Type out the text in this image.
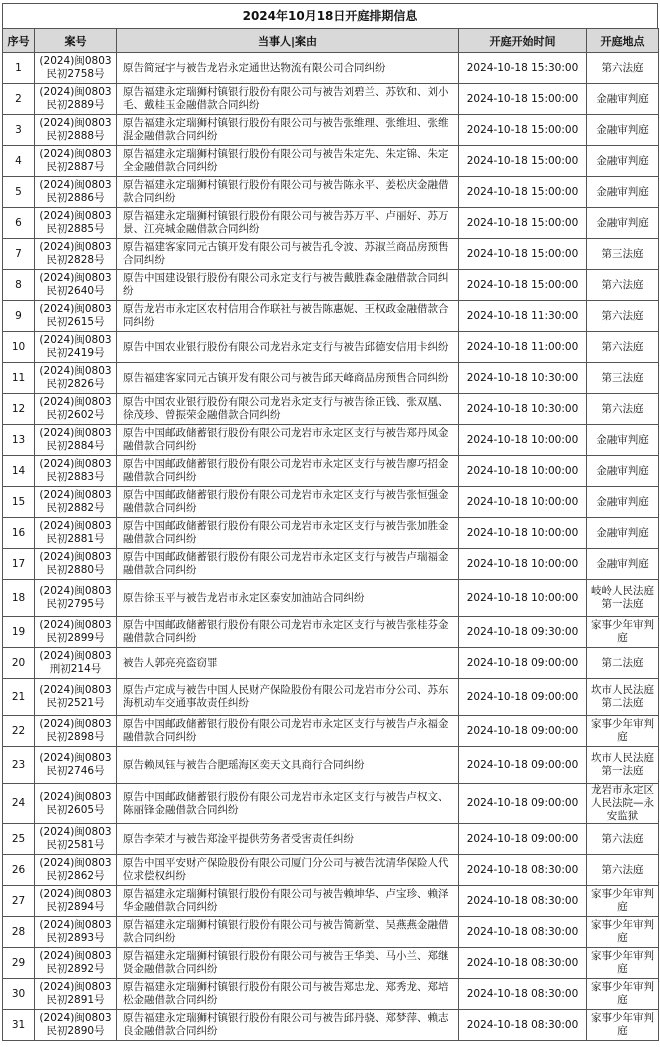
2024年10月18日开庭排期信息
序号	案号	当事人|案由	开庭开始时间	开庭地点
1	(2024)闽0803民初2758号	原告简冠宇与被告龙岩永定通世达物流有限公司合同纠纷	2024-10-18 15:30:00	第六法庭
2	(2024)闽0803民初2889号	原告福建永定瑞狮村镇银行股份有限公司与被告刘碧兰、苏钦和、刘小毛、戴桂玉金融借款合同纠纷	2024-10-18 15:00:00	金融审判庭
3	(2024)闽0803民初2888号	原告福建永定瑞狮村镇银行股份有限公司与被告张维理、张维坦、张维混金融借款合同纠纷	2024-10-18 15:00:00	金融审判庭
4	(2024)闽0803民初2887号	原告福建永定瑞狮村镇银行股份有限公司与被告朱定先、朱定锦、朱定全金融借款合同纠纷	2024-10-18 15:00:00	金融审判庭
5	(2024)闽0803民初2886号	原告福建永定瑞狮村镇银行股份有限公司与被告陈永平、姜松庆金融借款合同纠纷	2024-10-18 15:00:00	金融审判庭
6	(2024)闽0803民初2885号	原告福建永定瑞狮村镇银行股份有限公司与被告苏万平、卢丽好、苏万景、江亮城金融借款合同纠纷	2024-10-18 15:00:00	金融审判庭
7	(2024)闽0803民初2828号	原告福建客家同元古镇开发有限公司与被告孔令波、苏淑兰商品房预售合同纠纷	2024-10-18 15:00:00	第三法庭
8	(2024)闽0803民初2640号	原告中国建设银行股份有限公司永定支行与被告戴胜森金融借款合同纠纷	2024-10-18 15:00:00	第六法庭
9	(2024)闽0803民初2615号	原告龙岩市永定区农村信用合作联社与被告陈惠妮、王权政金融借款合同纠纷	2024-10-18 11:30:00	第六法庭
10	(2024)闽0803民初2419号	原告中国农业银行股份有限公司龙岩永定支行与被告邱德安信用卡纠纷	2024-10-18 11:00:00	第六法庭
11	(2024)闽0803民初2826号	原告福建客家同元古镇开发有限公司与被告邱天峰商品房预售合同纠纷	2024-10-18 10:30:00	第三法庭
12	(2024)闽0803民初2602号	原告中国农业银行股份有限公司龙岩永定支行与被告徐正钱、张双凰、徐茂珍、曾振荣金融借款合同纠纷	2024-10-18 10:30:00	第六法庭
13	(2024)闽0803民初2884号	原告中国邮政储蓄银行股份有限公司龙岩市永定区支行与被告郑丹凤金融借款合同纠纷	2024-10-18 10:00:00	金融审判庭
14	(2024)闽0803民初2883号	原告中国邮政储蓄银行股份有限公司龙岩市永定区支行与被告廖巧招金融借款合同纠纷	2024-10-18 10:00:00	金融审判庭
15	(2024)闽0803民初2882号	原告中国邮政储蓄银行股份有限公司龙岩市永定区支行与被告张恒强金融借款合同纠纷	2024-10-18 10:00:00	金融审判庭
16	(2024)闽0803民初2881号	原告中国邮政储蓄银行股份有限公司龙岩市永定区支行与被告张加胜金融借款合同纠纷	2024-10-18 10:00:00	金融审判庭
17	(2024)闽0803民初2880号	原告中国邮政储蓄银行股份有限公司龙岩市永定区支行与被告卢瑞福金融借款合同纠纷	2024-10-18 10:00:00	金融审判庭
18	(2024)闽0803民初2795号	原告徐玉平与被告龙岩市永定区泰安加油站合同纠纷	2024-10-18 10:00:00	岐岭人民法庭第一法庭
19	(2024)闽0803民初2899号	原告中国邮政储蓄银行股份有限公司龙岩市永定区支行与被告张桂芬金融借款合同纠纷	2024-10-18 09:30:00	家事少年审判庭
20	(2024)闽0803刑初214号	被告人郭亮亮盗窃罪	2024-10-18 09:00:00	第二法庭
21	(2024)闽0803民初2521号	原告卢定成与被告中国人民财产保险股份有限公司龙岩市分公司、苏东海机动车交通事故责任纠纷	2024-10-18 09:00:00	坎市人民法庭第二法庭
22	(2024)闽0803民初2898号	原告中国邮政储蓄银行股份有限公司龙岩市永定区支行与被告卢永福金融借款合同纠纷	2024-10-18 09:00:00	家事少年审判庭
23	(2024)闽0803民初2746号	原告赖凤钰与被告合肥瑶海区奕天文具商行合同纠纷	2024-10-18 09:00:00	坎市人民法庭第一法庭
24	(2024)闽0803民初2605号	原告中国邮政储蓄银行股份有限公司龙岩市永定区支行与被告卢权文、陈丽锋金融借款合同纠纷	2024-10-18 09:00:00	龙岩市永定区人民法院—永安监狱
25	(2024)闽0803民初2581号	原告李荣才与被告郑淦平提供劳务者受害责任纠纷	2024-10-18 09:00:00	第六法庭
26	(2024)闽0803民初2862号	原告中国平安财产保险股份有限公司厦门分公司与被告沈清华保险人代位求偿权纠纷	2024-10-18 08:30:00	第六法庭
27	(2024)闽0803民初2894号	原告福建永定瑞狮村镇银行股份有限公司与被告赖坤华、卢宝珍、赖泽华金融借款合同纠纷	2024-10-18 08:30:00	家事少年审判庭
28	(2024)闽0803民初2893号	原告福建永定瑞狮村镇银行股份有限公司与被告简新堂、吴燕燕金融借款合同纠纷	2024-10-18 08:30:00	家事少年审判庭
29	(2024)闽0803民初2892号	原告福建永定瑞狮村镇银行股份有限公司与被告王华美、马小兰、郑继贤金融借款合同纠纷	2024-10-18 08:30:00	家事少年审判庭
30	(2024)闽0803民初2891号	原告福建永定瑞狮村镇银行股份有限公司与被告郑忠龙、郑秀龙、郑培松金融借款合同纠纷	2024-10-18 08:30:00	家事少年审判庭
31	(2024)闽0803民初2890号	原告福建永定瑞狮村镇银行股份有限公司与被告邱丹骁、郑梦萍、赖志良金融借款合同纠纷	2024-10-18 08:30:00	家事少年审判庭
